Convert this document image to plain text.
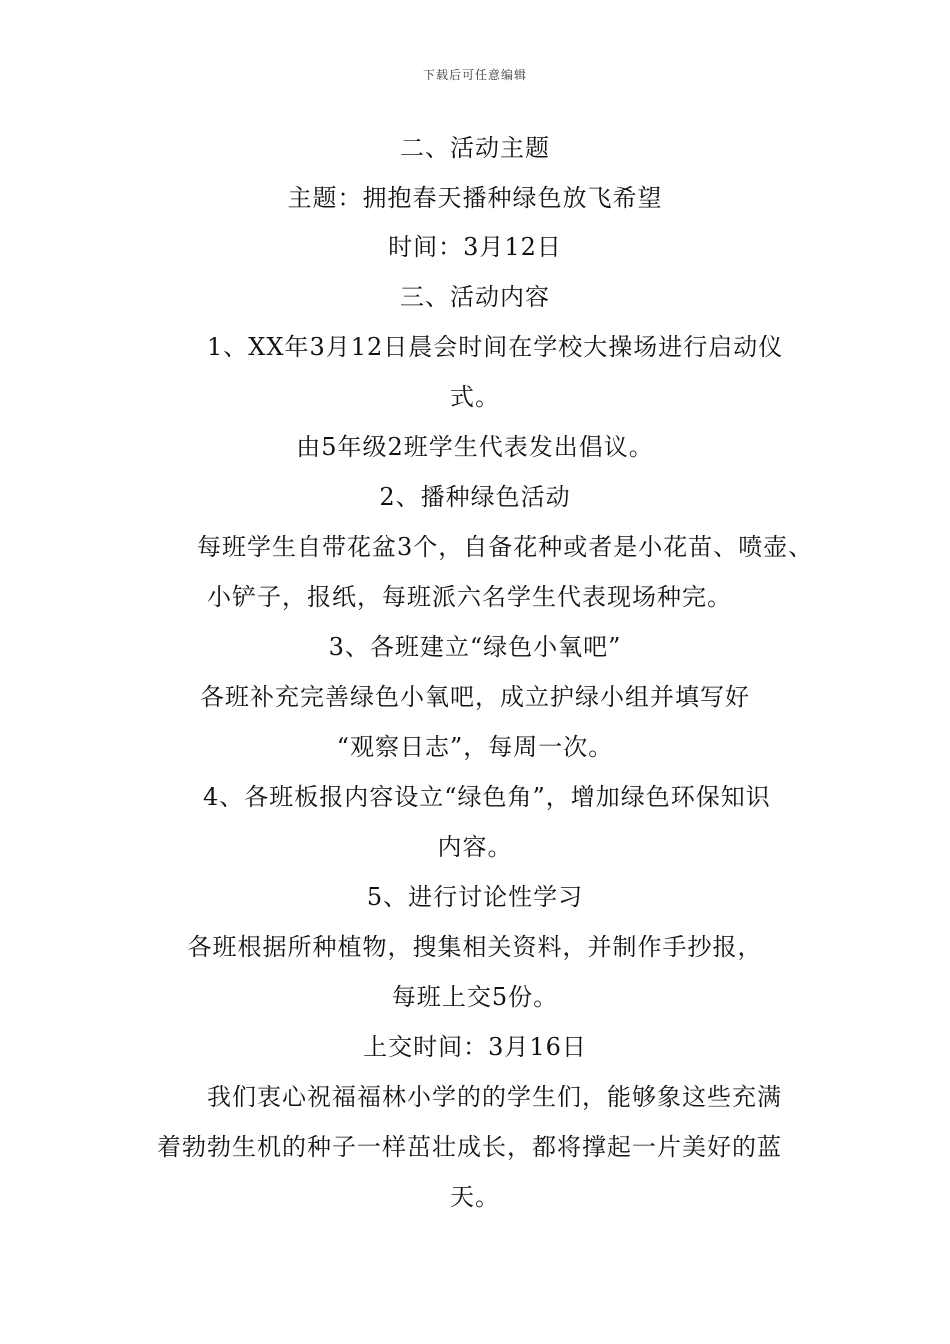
下载后可任意编辑
二、活动主题
主题：拥抱春天播种绿色放飞希望
时间：3月12日
三、活动内容
1、XX年3月12日晨会时间在学校大操场进行启动仪
式。
由5年级2班学生代表发出倡议。
2、播种绿色活动
每班学生自带花盆3个，自备花种或者是小花苗、喷壶、
小铲子，报纸，每班派六名学生代表现场种完。
3、各班建立“绿色小氧吧”
各班补充完善绿色小氧吧，成立护绿小组并填写好
“观察日志”，每周一次。
4、各班板报内容设立“绿色角”，增加绿色环保知识
内容。
5、进行讨论性学习
各班根据所种植物，搜集相关资料，并制作手抄报，
每班上交5份。
上交时间：3月16日
我们衷心祝福福林小学的的学生们，能够象这些充满
着勃勃生机的种子一样茁壮成长，都将撑起一片美好的蓝
天。
